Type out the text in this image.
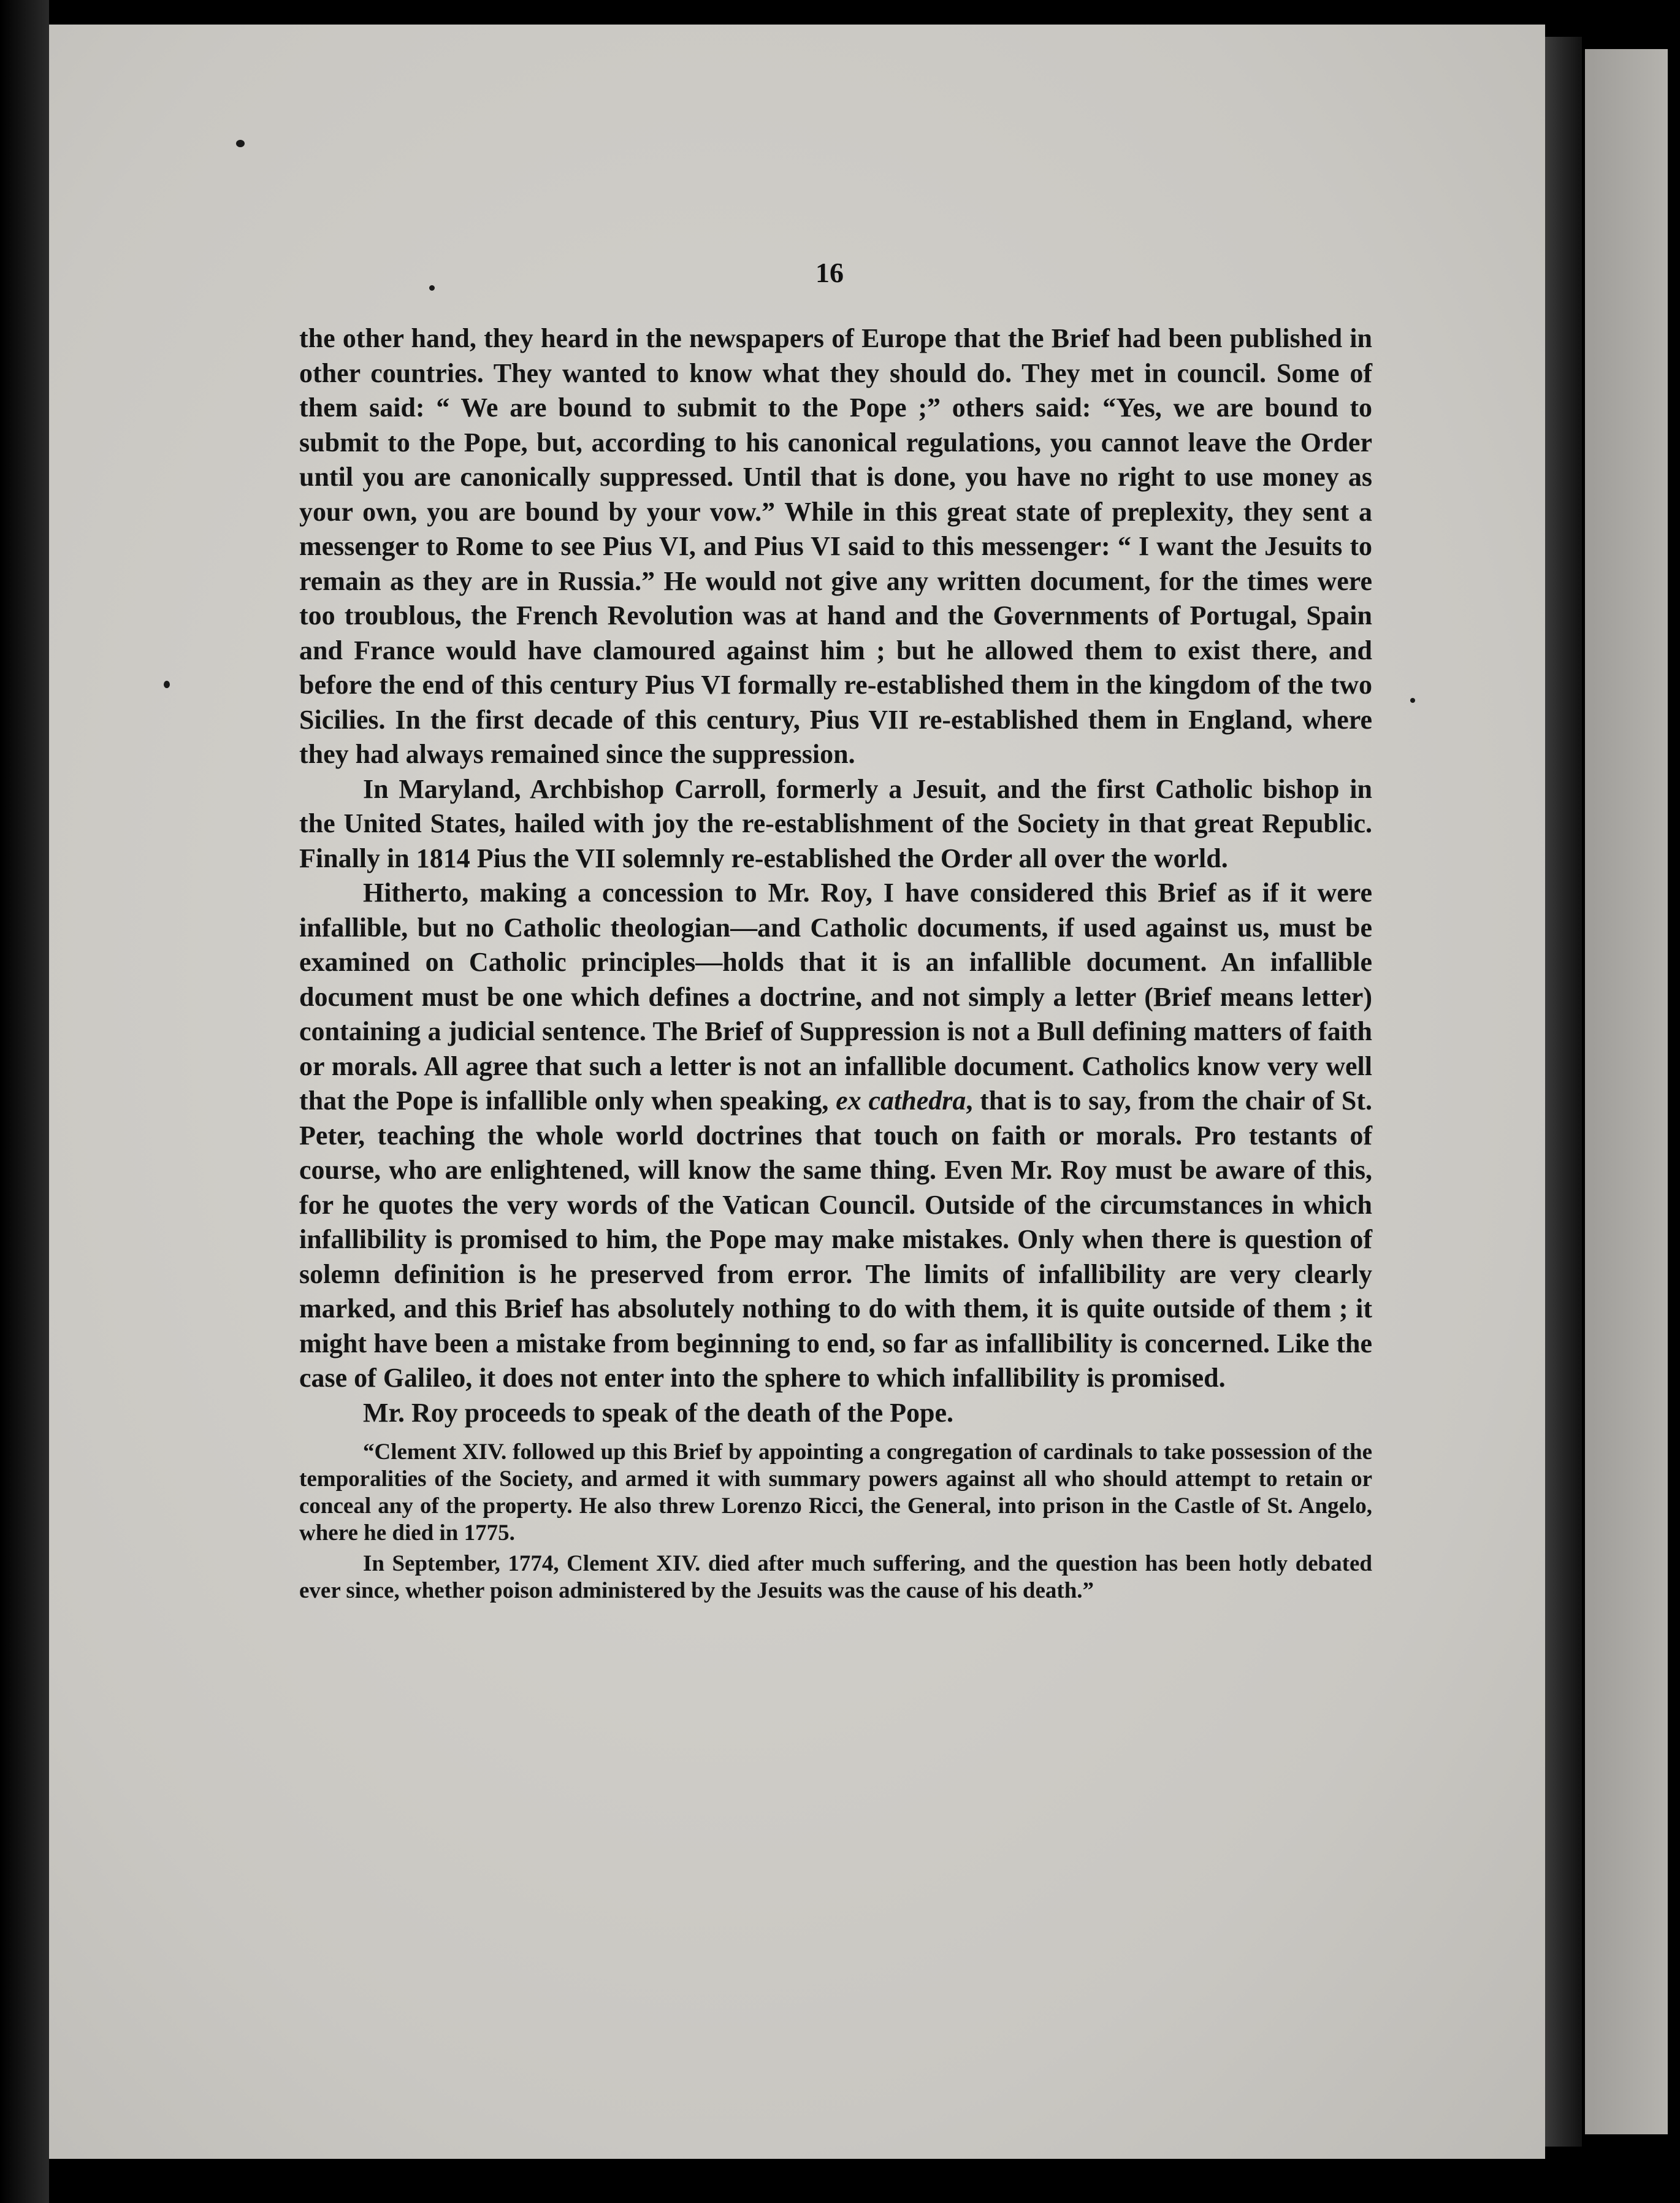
16

the other hand, they heard in the newspapers of Europe that the Brief had been published in other countries. They wanted to know what they should do. They met in council. Some of them said: “ We are bound to submit to the Pope ;” others said: “Yes, we are bound to submit to the Pope, but, according to his canonical regulations, you cannot leave the Order until you are canonically suppressed. Until that is done, you have no right to use money as your own, you are bound by your vow.” While in this great state of preplexity, they sent a messenger to Rome to see Pius VI, and Pius VI said to this messenger: “ I want the Jesuits to remain as they are in Russia.” He would not give any written document, for the times were too troublous, the French Revolution was at hand and the Governments of Portugal, Spain and France would have clamoured against him ; but he allowed them to exist there, and before the end of this century Pius VI formally re-established them in the kingdom of the two Sicilies. In the first decade of this century, Pius VII re-established them in England, where they had always remained since the suppression.

In Maryland, Archbishop Carroll, formerly a Jesuit, and the first Catholic bishop in the United States, hailed with joy the re-establishment of the Society in that great Republic. Finally in 1814 Pius the VII solemnly re-established the Order all over the world.

Hitherto, making a concession to Mr. Roy, I have considered this Brief as if it were infallible, but no Catholic theologian—and Catholic documents, if used against us, must be examined on Catholic principles—holds that it is an infallible document. An infallible document must be one which defines a doctrine, and not simply a letter (Brief means letter) containing a judicial sentence. The Brief of Suppression is not a Bull defining matters of faith or morals. All agree that such a letter is not an infallible document. Catholics know very well that the Pope is infallible only when speaking, ex cathedra, that is to say, from the chair of St. Peter, teaching the whole world doctrines that touch on faith or morals. Pro testants of course, who are enlightened, will know the same thing. Even Mr. Roy must be aware of this, for he quotes the very words of the Vatican Council. Outside of the circumstances in which infallibility is promised to him, the Pope may make mistakes. Only when there is question of solemn definition is he preserved from error. The limits of infallibility are very clearly marked, and this Brief has absolutely nothing to do with them, it is quite outside of them ; it might have been a mistake from beginning to end, so far as infallibility is concerned. Like the case of Galileo, it does not enter into the sphere to which infallibility is promised.

Mr. Roy proceeds to speak of the death of the Pope.

“Clement XIV. followed up this Brief by appointing a congregation of cardinals to take possession of the temporalities of the Society, and armed it with summary powers against all who should attempt to retain or conceal any of the property. He also threw Lorenzo Ricci, the General, into prison in the Castle of St. Angelo, where he died in 1775.

In September, 1774, Clement XIV. died after much suffering, and the question has been hotly debated ever since, whether poison administered by the Jesuits was the cause of his death.”
